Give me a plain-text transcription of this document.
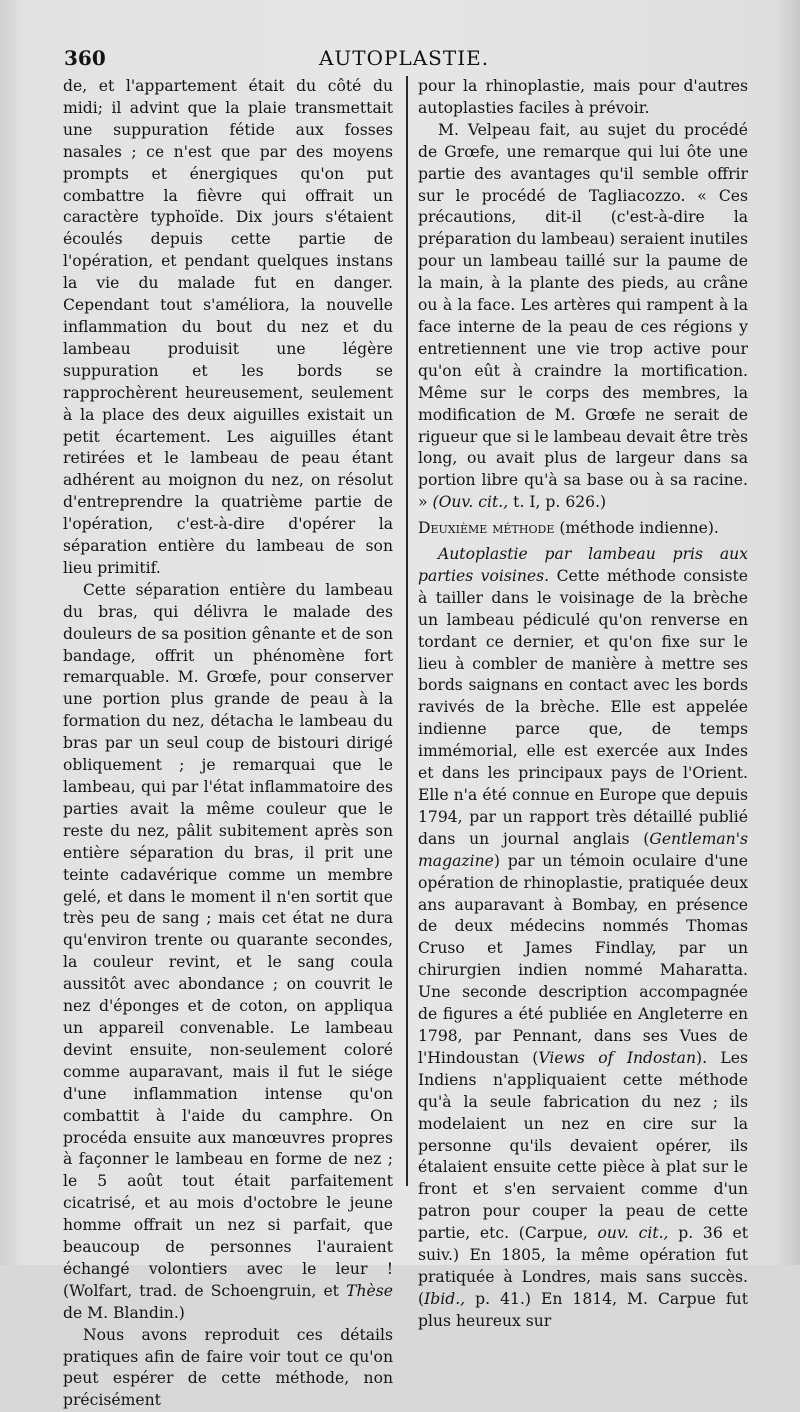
360	AUTOPLASTIE.

de, et l'appartement était du côté du midi; il advint que la plaie transmettait une suppuration fétide aux fosses nasales ; ce n'est que par des moyens prompts et énergiques qu'on put combattre la fièvre qui offrait un caractère typhoïde. Dix jours s'étaient écoulés depuis cette partie de l'opération, et pendant quelques instans la vie du malade fut en danger. Cependant tout s'améliora, la nouvelle inflammation du bout du nez et du lambeau produisit une légère suppuration et les bords se rapprochèrent heureusement, seulement à la place des deux aiguilles existait un petit écartement. Les aiguilles étant retirées et le lambeau de peau étant adhérent au moignon du nez, on résolut d'entreprendre la quatrième partie de l'opération, c'est-à-dire d'opérer la séparation entière du lambeau de son lieu primitif.

Cette séparation entière du lambeau du bras, qui délivra le malade des douleurs de sa position gênante et de son bandage, offrit un phénomène fort remarquable. M. Grœfe, pour conserver une portion plus grande de peau à la formation du nez, détacha le lambeau du bras par un seul coup de bistouri dirigé obliquement ; je remarquai que le lambeau, qui par l'état inflammatoire des parties avait la même couleur que le reste du nez, pâlit subitement après son entière séparation du bras, il prit une teinte cadavérique comme un membre gelé, et dans le moment il n'en sortit que très peu de sang ; mais cet état ne dura qu'environ trente ou quarante secondes, la couleur revint, et le sang coula aussitôt avec abondance ; on couvrit le nez d'éponges et de coton, on appliqua un appareil convenable. Le lambeau devint ensuite, non-seulement coloré comme auparavant, mais il fut le siége d'une inflammation intense qu'on combattit à l'aide du camphre. On procéda ensuite aux manœuvres propres à façonner le lambeau en forme de nez ; le 5 août tout était parfaitement cicatrisé, et au mois d'octobre le jeune homme offrait un nez si parfait, que beaucoup de personnes l'auraient échangé volontiers avec le leur ! (Wolfart, trad. de Schoengruin, et Thèse de M. Blandin.)

Nous avons reproduit ces détails pratiques afin de faire voir tout ce qu'on peut espérer de cette méthode, non précisément

pour la rhinoplastie, mais pour d'autres autoplasties faciles à prévoir.

M. Velpeau fait, au sujet du procédé de Grœfe, une remarque qui lui ôte une partie des avantages qu'il semble offrir sur le procédé de Tagliacozzo. « Ces précautions, dit-il (c'est-à-dire la préparation du lambeau) seraient inutiles pour un lambeau taillé sur la paume de la main, à la plante des pieds, au crâne ou à la face. Les artères qui rampent à la face interne de la peau de ces régions y entretiennent une vie trop active pour qu'on eût à craindre la mortification. Même sur le corps des membres, la modification de M. Grœfe ne serait de rigueur que si le lambeau devait être très long, ou avait plus de largeur dans sa portion libre qu'à sa base ou à sa racine. » (Ouv. cit., t. I, p. 626.)

Deuxième méthode (méthode indienne).

Autoplastie par lambeau pris aux parties voisines. Cette méthode consiste à tailler dans le voisinage de la brèche un lambeau pédiculé qu'on renverse en tordant ce dernier, et qu'on fixe sur le lieu à combler de manière à mettre ses bords saignans en contact avec les bords ravivés de la brèche. Elle est appelée indienne parce que, de temps immémorial, elle est exercée aux Indes et dans les principaux pays de l'Orient. Elle n'a été connue en Europe que depuis 1794, par un rapport très détaillé publié dans un journal anglais (Gentleman's magazine) par un témoin oculaire d'une opération de rhinoplastie, pratiquée deux ans auparavant à Bombay, en présence de deux médecins nommés Thomas Cruso et James Findlay, par un chirurgien indien nommé Maharatta. Une seconde description accompagnée de figures a été publiée en Angleterre en 1798, par Pennant, dans ses Vues de l'Hindoustan (Views of Indostan). Les Indiens n'appliquaient cette méthode qu'à la seule fabrication du nez ; ils modelaient un nez en cire sur la personne qu'ils devaient opérer, ils étalaient ensuite cette pièce à plat sur le front et s'en servaient comme d'un patron pour couper la peau de cette partie, etc. (Carpue, ouv. cit., p. 36 et suiv.) En 1805, la même opération fut pratiquée à Londres, mais sans succès. (Ibid., p. 41.) En 1814, M. Carpue fut plus heureux sur
